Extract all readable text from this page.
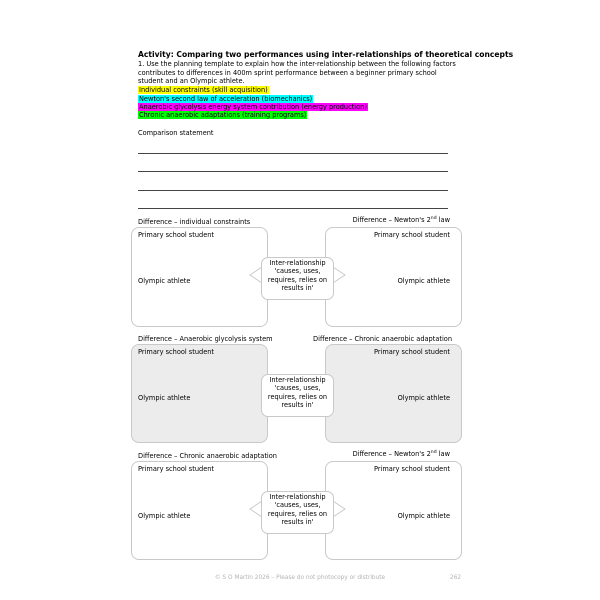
Activity: Comparing two performances using inter-relationships of theoretical concepts
1. Use the planning template to explain how the inter-relationship between the following factors contributes to differences in 400m sprint performance between a beginner primary school student and an Olympic athlete.
Individual constraints (skill acquisition)
Newton's second law of acceleration (biomechanics)
Anaerobic glycolysis energy system contribution (energy production)
Chronic anaerobic adaptations (training programs)
Comparison statement
Difference – individual constraints	Difference – Newton's 2nd law
Primary school student	Primary school student
Olympic athlete	Olympic athlete
Inter-relationship 'causes, uses, requires, relies on results in'
Difference – Anaerobic glycolysis system	Difference – Chronic anaerobic adaptation
Primary school student	Primary school student
Olympic athlete	Olympic athlete
Inter-relationship 'causes, uses, requires, relies on results in'
Difference – Chronic anaerobic adaptation	Difference – Newton's 2nd law
Primary school student	Primary school student
Olympic athlete	Olympic athlete
Inter-relationship 'causes, uses, requires, relies on results in'
© S O Martin 2026 – Please do not photocopy or distribute	262
